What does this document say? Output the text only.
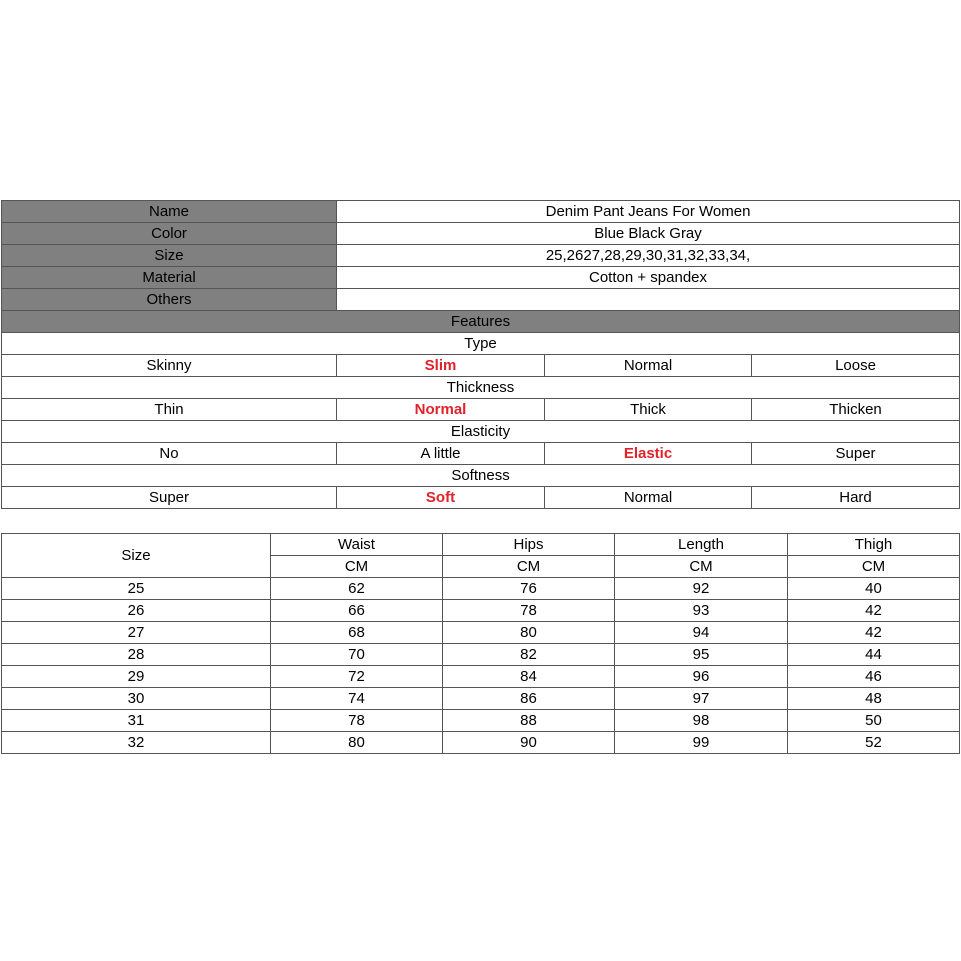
Name	Denim Pant Jeans For Women		
Color	Blue Black Gray		
Size	25,2627,28,29,30,31,32,33,34,		
Material	Cotton + spandex		
Others			
Features			
Type			
Skinny	Slim	Normal	Loose
Thickness			
Thin	Normal	Thick	Thicken
Elasticity			
No	A little	Elastic	Super
Softness			
Super	Soft	Normal	Hard
Size	Waist	Hips	Length	Thigh
	CM	CM	CM	CM
25	62	76	92	40
26	66	78	93	42
27	68	80	94	42
28	70	82	95	44
29	72	84	96	46
30	74	86	97	48
31	78	88	98	50
32	80	90	99	52
